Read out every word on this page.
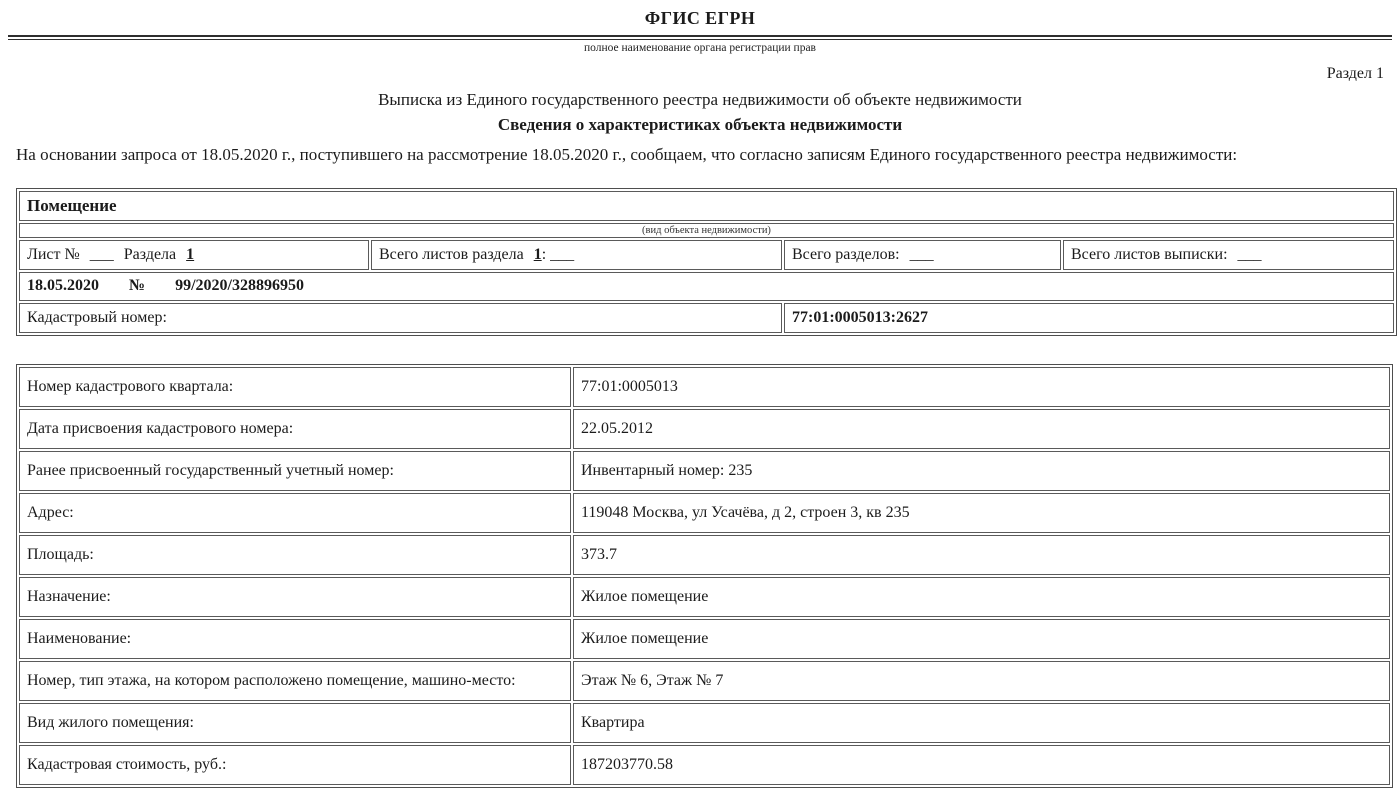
ФГИС ЕГРН
полное наименование органа регистрации прав
Раздел 1
Выписка из Единого государственного реестра недвижимости об объекте недвижимости
Сведения о характеристиках объекта недвижимости

На основании запроса от 18.05.2020 г., поступившего на рассмотрение 18.05.2020 г., сообщаем, что согласно записям Единого государственного реестра недвижимости:

Помещение			
(вид объекта недвижимости)			
Лист № ___ Раздела 1	Всего листов раздела 1: ___	Всего разделов: ___	Всего листов выписки: ___
18.05.2020 № 99/2020/328896950			
Кадастровый номер:		77:01:0005013:2627	
Номер кадастрового квартала:	77:01:0005013
Дата присвоения кадастрового номера:	22.05.2012
Ранее присвоенный государственный учетный номер:	Инвентарный номер: 235
Адрес:	119048 Москва, ул Усачёва, д 2, строен 3, кв 235
Площадь:	373.7
Назначение:	Жилое помещение
Наименование:	Жилое помещение
Номер, тип этажа, на котором расположено помещение, машино-место:	Этаж № 6, Этаж № 7
Вид жилого помещения:	Квартира
Кадастровая стоимость, руб.:	187203770.58
